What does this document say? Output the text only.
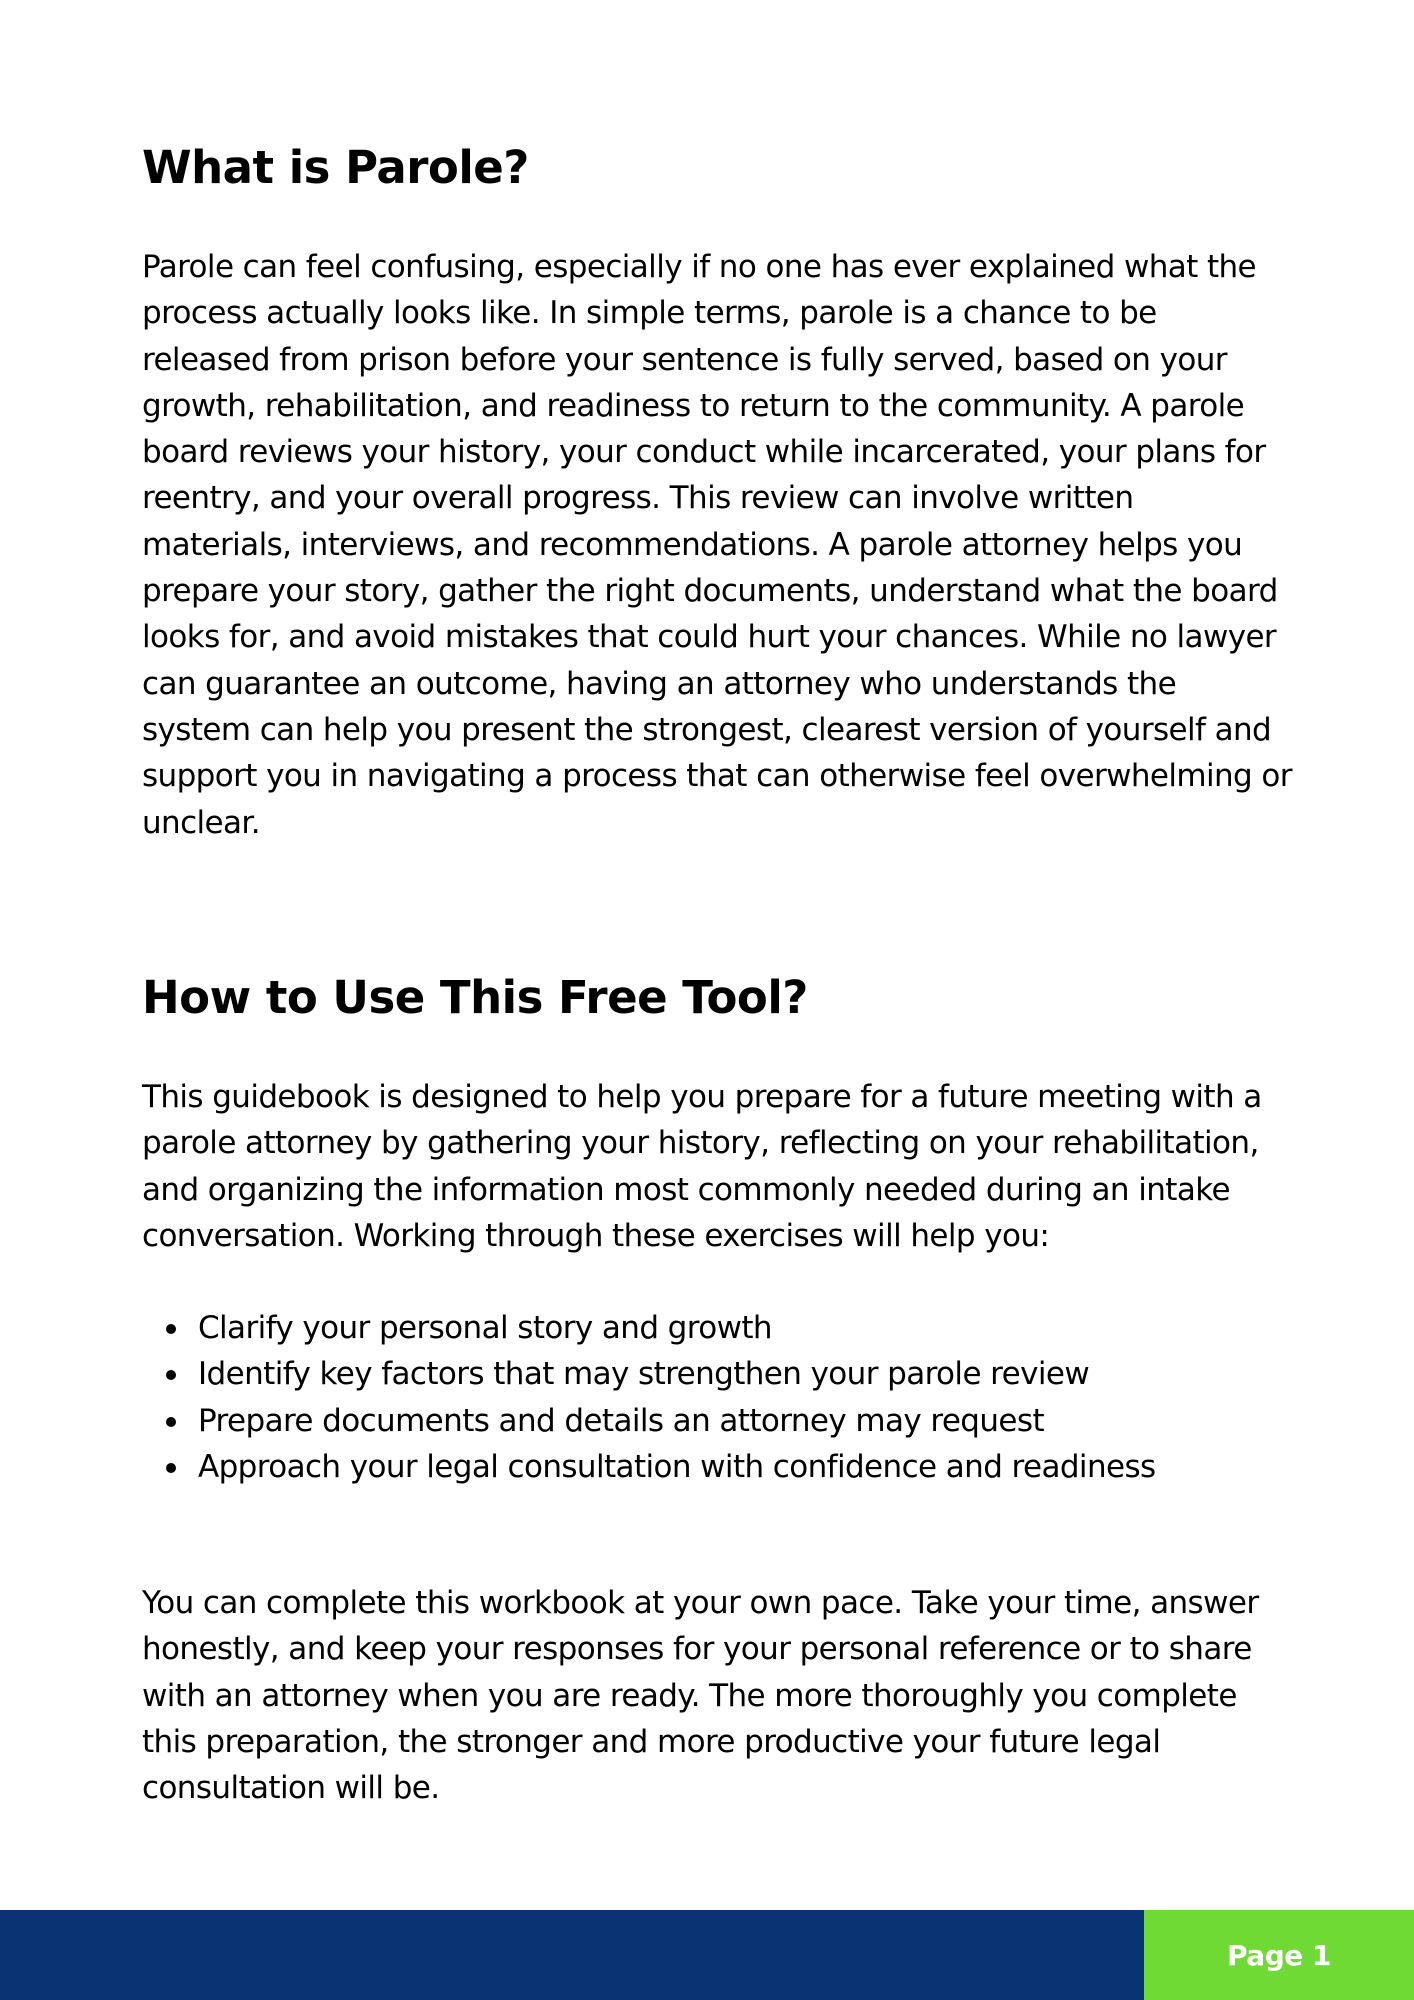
What is Parole?

Parole can feel confusing, especially if no one has ever explained what the process actually looks like. In simple terms, parole is a chance to be released from prison before your sentence is fully served, based on your growth, rehabilitation, and readiness to return to the community. A parole board reviews your history, your conduct while incarcerated, your plans for reentry, and your overall progress. This review can involve written materials, interviews, and recommendations. A parole attorney helps you prepare your story, gather the right documents, understand what the board looks for, and avoid mistakes that could hurt your chances. While no lawyer can guarantee an outcome, having an attorney who understands the system can help you present the strongest, clearest version of yourself and support you in navigating a process that can otherwise feel overwhelming or unclear.

How to Use This Free Tool?

This guidebook is designed to help you prepare for a future meeting with a parole attorney by gathering your history, reflecting on your rehabilitation, and organizing the information most commonly needed during an intake conversation. Working through these exercises will help you:

Clarify your personal story and growth
Identify key factors that may strengthen your parole review
Prepare documents and details an attorney may request
Approach your legal consultation with confidence and readiness

You can complete this workbook at your own pace. Take your time, answer honestly, and keep your responses for your personal reference or to share with an attorney when you are ready. The more thoroughly you complete this preparation, the stronger and more productive your future legal consultation will be.

Page 1
